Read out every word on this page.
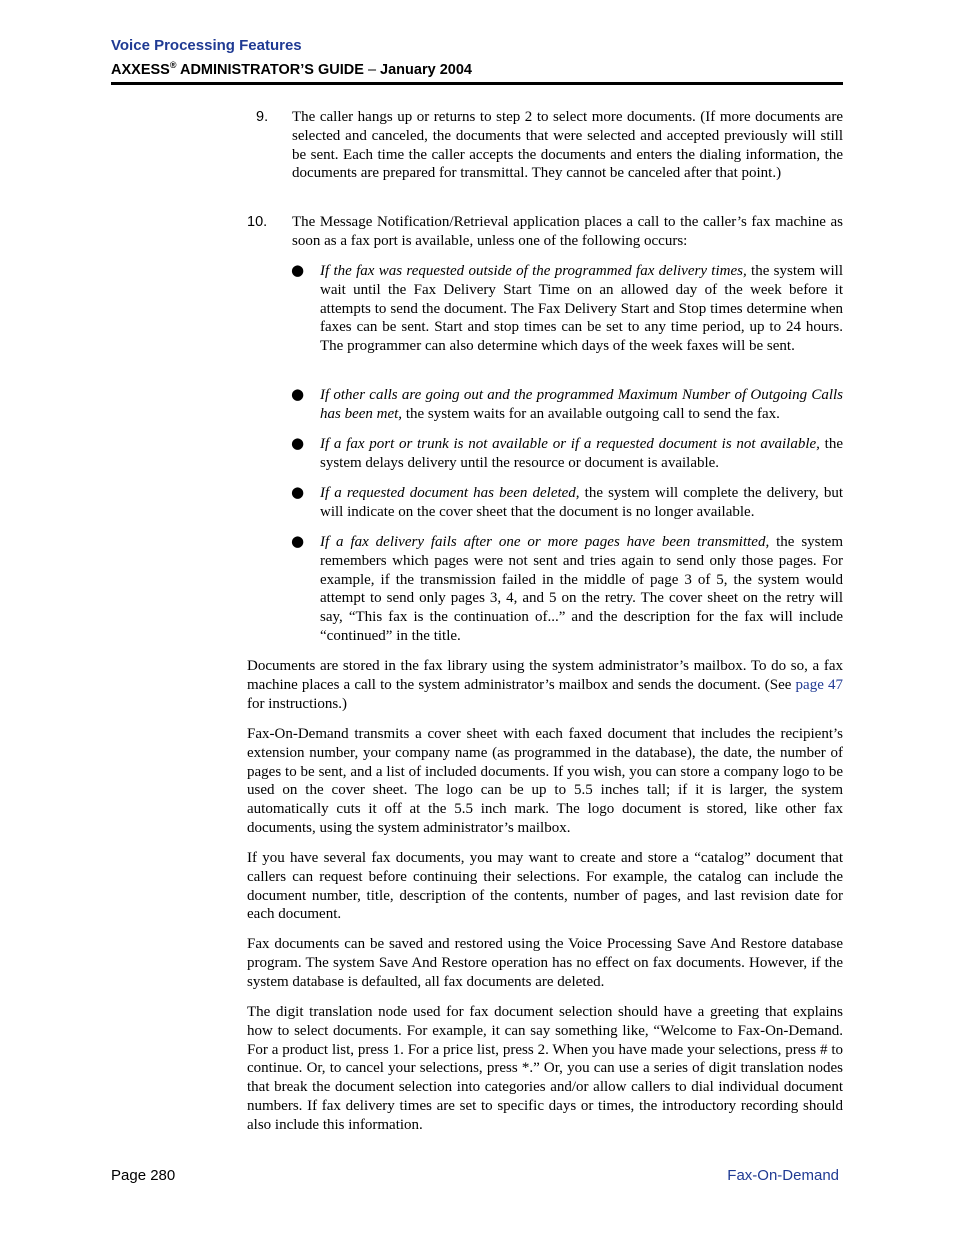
Voice Processing Features
AXXESS® ADMINISTRATOR’S GUIDE – January 2004
9. The caller hangs up or returns to step 2 to select more documents. (If more documents are selected and canceled, the documents that were selected and accepted previously will still be sent. Each time the caller accepts the documents and enters the dialing information, the documents are prepared for transmittal. They cannot be canceled after that point.)
10. The Message Notification/Retrieval application places a call to the caller’s fax machine as soon as a fax port is available, unless one of the following occurs:
● If the fax was requested outside of the programmed fax delivery times, the system will wait until the Fax Delivery Start Time on an allowed day of the week before it attempts to send the document. The Fax Delivery Start and Stop times determine when faxes can be sent. Start and stop times can be set to any time period, up to 24 hours. The programmer can also determine which days of the week faxes will be sent.
● If other calls are going out and the programmed Maximum Number of Outgoing Calls has been met, the system waits for an available outgoing call to send the fax.
● If a fax port or trunk is not available or if a requested document is not available, the system delays delivery until the resource or document is available.
● If a requested document has been deleted, the system will complete the delivery, but will indicate on the cover sheet that the document is no longer available.
● If a fax delivery fails after one or more pages have been transmitted, the system remembers which pages were not sent and tries again to send only those pages. For example, if the transmission failed in the middle of page 3 of 5, the system would attempt to send only pages 3, 4, and 5 on the retry. The cover sheet on the retry will say, “This fax is the continuation of...” and the description for the fax will include “continued” in the title.
Documents are stored in the fax library using the system administrator’s mailbox. To do so, a fax machine places a call to the system administrator’s mailbox and sends the document. (See page 47 for instructions.)
Fax-On-Demand transmits a cover sheet with each faxed document that includes the recipient’s extension number, your company name (as programmed in the database), the date, the number of pages to be sent, and a list of included documents. If you wish, you can store a company logo to be used on the cover sheet. The logo can be up to 5.5 inches tall; if it is larger, the system automatically cuts it off at the 5.5 inch mark. The logo document is stored, like other fax documents, using the system administrator’s mailbox.
If you have several fax documents, you may want to create and store a “catalog” document that callers can request before continuing their selections. For example, the catalog can include the document number, title, description of the contents, number of pages, and last revision date for each document.
Fax documents can be saved and restored using the Voice Processing Save And Restore database program. The system Save And Restore operation has no effect on fax documents. However, if the system database is defaulted, all fax documents are deleted.
The digit translation node used for fax document selection should have a greeting that explains how to select documents. For example, it can say something like, “Welcome to Fax-On-Demand. For a product list, press 1. For a price list, press 2. When you have made your selections, press # to continue. Or, to cancel your selections, press *.” Or, you can use a series of digit translation nodes that break the document selection into categories and/or allow callers to dial individual document numbers. If fax delivery times are set to specific days or times, the introductory recording should also include this information.
Page 280	Fax-On-Demand
